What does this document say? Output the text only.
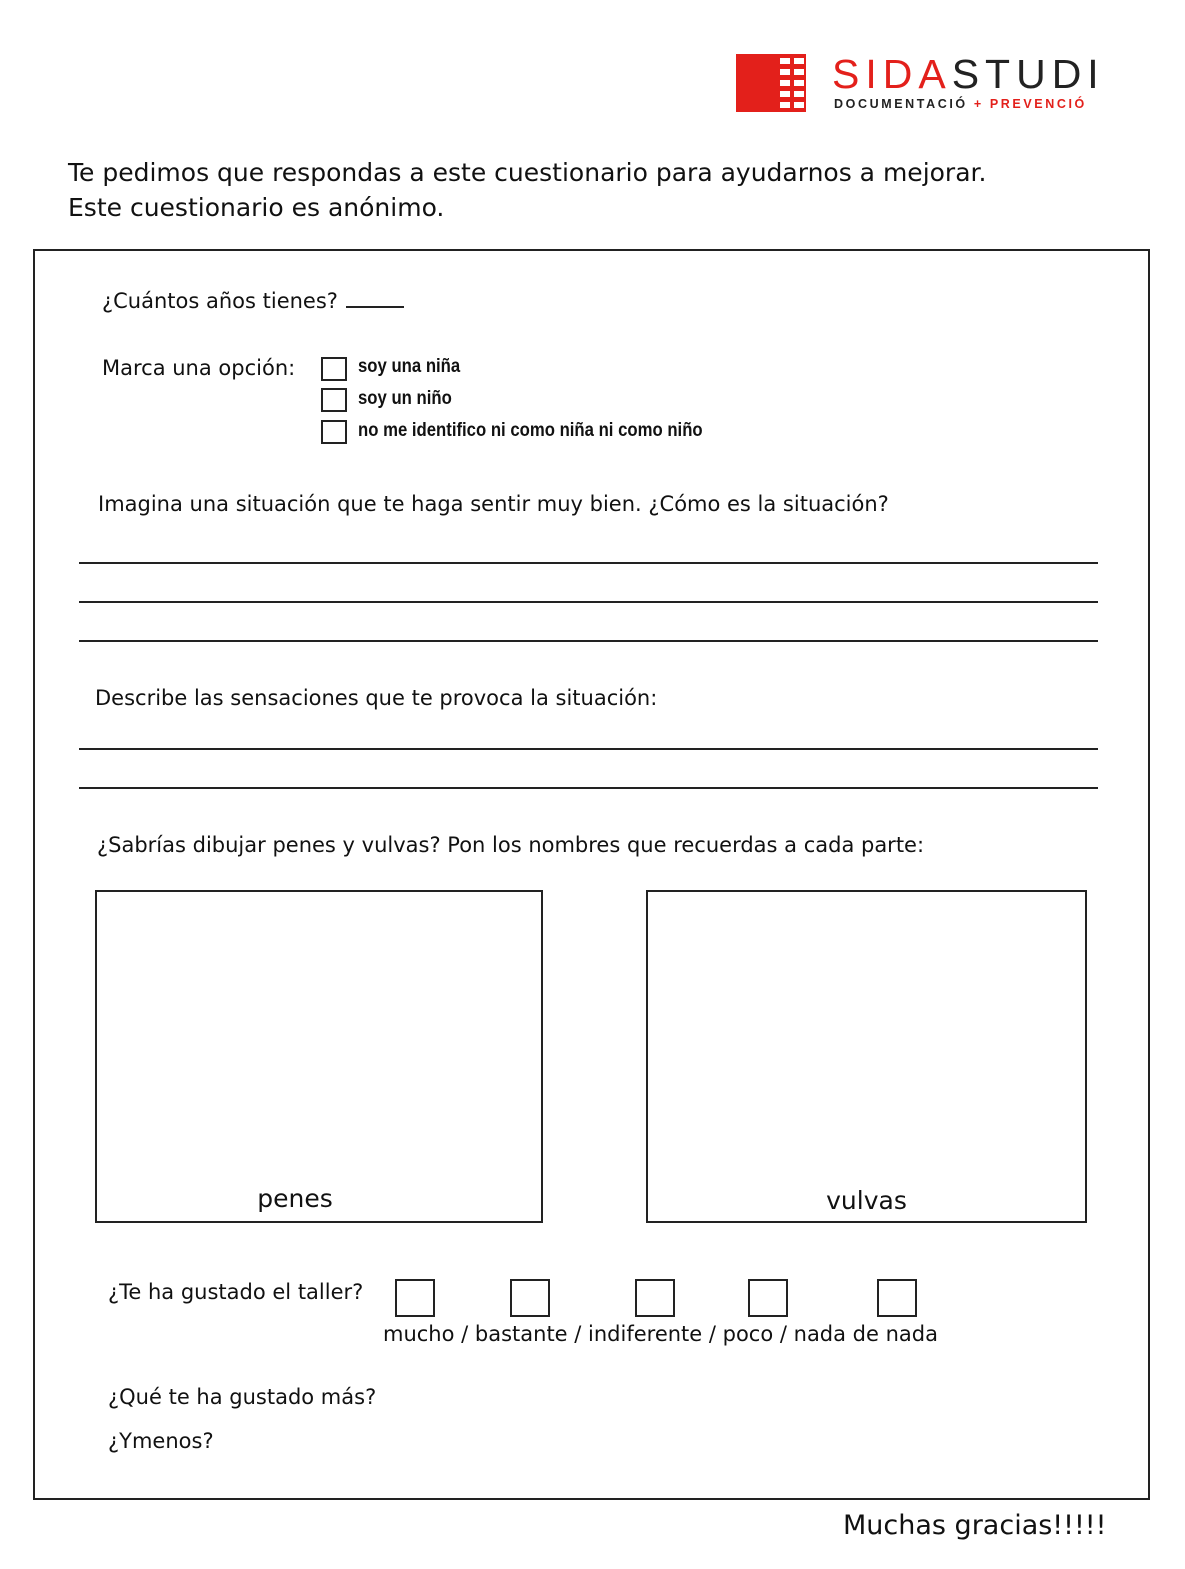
SIDASTUDI
DOCUMENTACIÓ + PREVENCIÓ
Te pedimos que respondas a este cuestionario para ayudarnos a mejorar.
Este cuestionario es anónimo.
¿Cuántos años tienes?
Marca una opción:	soy una niña
soy un niño
no me identifico ni como niña ni como niño
Imagina una situación que te haga sentir muy bien. ¿Cómo es la situación?
Describe las sensaciones que te provoca la situación:
¿Sabrías dibujar penes y vulvas? Pon los nombres que recuerdas a cada parte:
penes	vulvas
¿Te ha gustado el taller?
mucho / bastante / indiferente / poco / nada de nada
¿Qué te ha gustado más?
¿Ymenos?
Muchas gracias!!!!!
